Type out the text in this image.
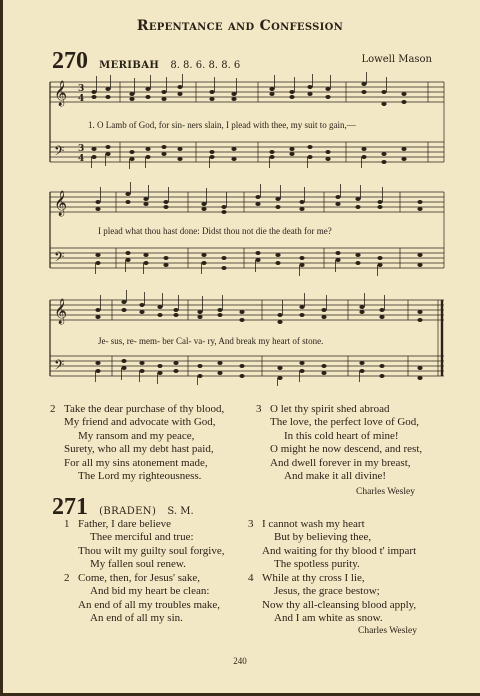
Repentance and Confession
270 MERIBAH 8. 8. 6. 8. 8. 6
Lowell Mason
𝄞
𝄢
3
4
3
4
1. O Lamb of God, for sin- ners slain, I plead with thee, my suit to gain,—
𝄞
𝄢
I plead what thou hast done: Didst thou not die the death for me?
𝄞
𝄢
Je- sus, re- mem- ber Cal- va- ry, And break my heart of stone.
2 Take the dear purchase of thy blood,
My friend and advocate with God,
My ransom and my peace,
Surety, who all my debt hast paid,
For all my sins atonement made,
The Lord my righteousness.
3 O let thy spirit shed abroad
The love, the perfect love of God,
In this cold heart of mine!
O might he now descend, and rest,
And dwell forever in my breast,
And make it all divine!
Charles Wesley
271 (BRADEN) S. M.
1 Father, I dare believe
Thee merciful and true:
Thou wilt my guilty soul forgive,
My fallen soul renew.
3 I cannot wash my heart
But by believing thee,
And waiting for thy blood t' impart
The spotless purity.
2 Come, then, for Jesus' sake,
And bid my heart be clean:
An end of all my troubles make,
An end of all my sin.
4 While at thy cross I lie,
Jesus, the grace bestow;
Now thy all-cleansing blood apply,
And I am white as snow.
Charles Wesley
240
